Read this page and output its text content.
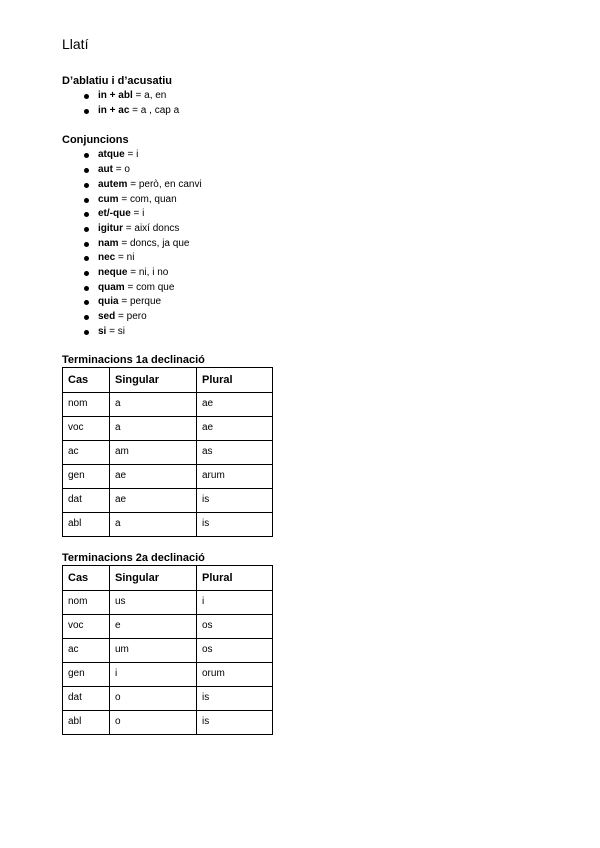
Llatí
D’ablatiu i d’acusatiu
in + abl = a, en
in + ac = a , cap a
Conjuncions
atque = i
aut = o
autem = però, en canvi
cum = com, quan
et/-que = i
igitur = així doncs
nam = doncs, ja que
nec = ni
neque = ni, i no
quam = com que
quia = perque
sed = pero
si = si
Terminacions 1a declinació
Cas	Singular	Plural
nom	a	ae
voc	a	ae
ac	am	as
gen	ae	arum
dat	ae	is
abl	a	is
Terminacions 2a declinació
Cas	Singular	Plural
nom	us	i
voc	e	os
ac	um	os
gen	i	orum
dat	o	is
abl	o	is
